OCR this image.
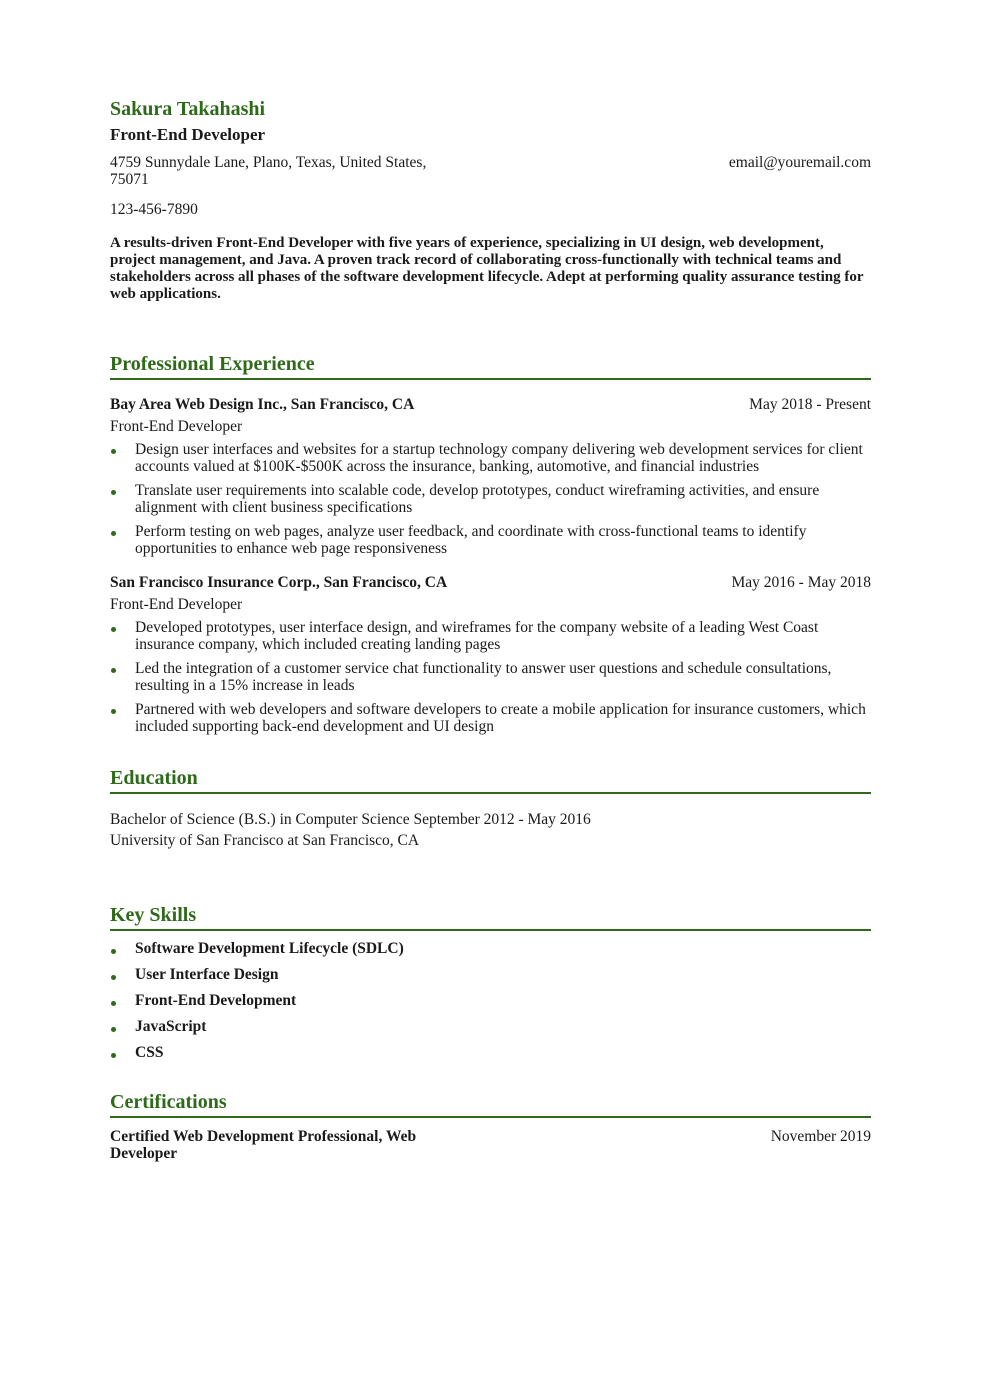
Sakura Takahashi
Front-End Developer
4759 Sunnydale Lane, Plano, Texas, United States, 75071
email@youremail.com
123-456-7890
A results-driven Front-End Developer with five years of experience, specializing in UI design, web development, project management, and Java. A proven track record of collaborating cross-functionally with technical teams and stakeholders across all phases of the software development lifecycle. Adept at performing quality assurance testing for web applications.
Professional Experience
Bay Area Web Design Inc., San Francisco, CA	May 2018 - Present
Front-End Developer
Design user interfaces and websites for a startup technology company delivering web development services for client accounts valued at $100K-$500K across the insurance, banking, automotive, and financial industries
Translate user requirements into scalable code, develop prototypes, conduct wireframing activities, and ensure alignment with client business specifications
Perform testing on web pages, analyze user feedback, and coordinate with cross-functional teams to identify opportunities to enhance web page responsiveness
San Francisco Insurance Corp., San Francisco, CA	May 2016 - May 2018
Front-End Developer
Developed prototypes, user interface design, and wireframes for the company website of a leading West Coast insurance company, which included creating landing pages
Led the integration of a customer service chat functionality to answer user questions and schedule consultations, resulting in a 15% increase in leads
Partnered with web developers and software developers to create a mobile application for insurance customers, which included supporting back-end development and UI design
Education
Bachelor of Science (B.S.) in Computer Science September 2012 - May 2016
University of San Francisco at San Francisco, CA
Key Skills
Software Development Lifecycle (SDLC)
User Interface Design
Front-End Development
JavaScript
CSS
Certifications
Certified Web Development Professional, Web Developer
November 2019
